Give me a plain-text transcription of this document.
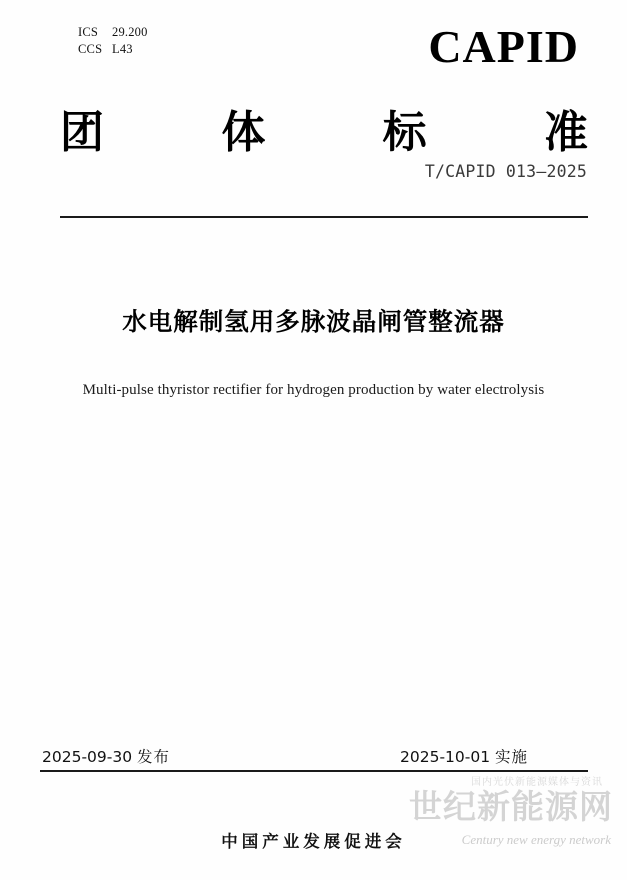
ICS 29.200
CCS L43	CAPID
团	体	标	准
T/CAPID 013—2025
水电解制氢用多脉波晶闸管整流器
Multi-pulse thyristor rectifier for hydrogen production by water electrolysis
国内光伏新能源媒体与资讯
世纪新能源网
Century new energy network
2025-09-30 发布	2025-10-01 实施
中国产业发展促进会
